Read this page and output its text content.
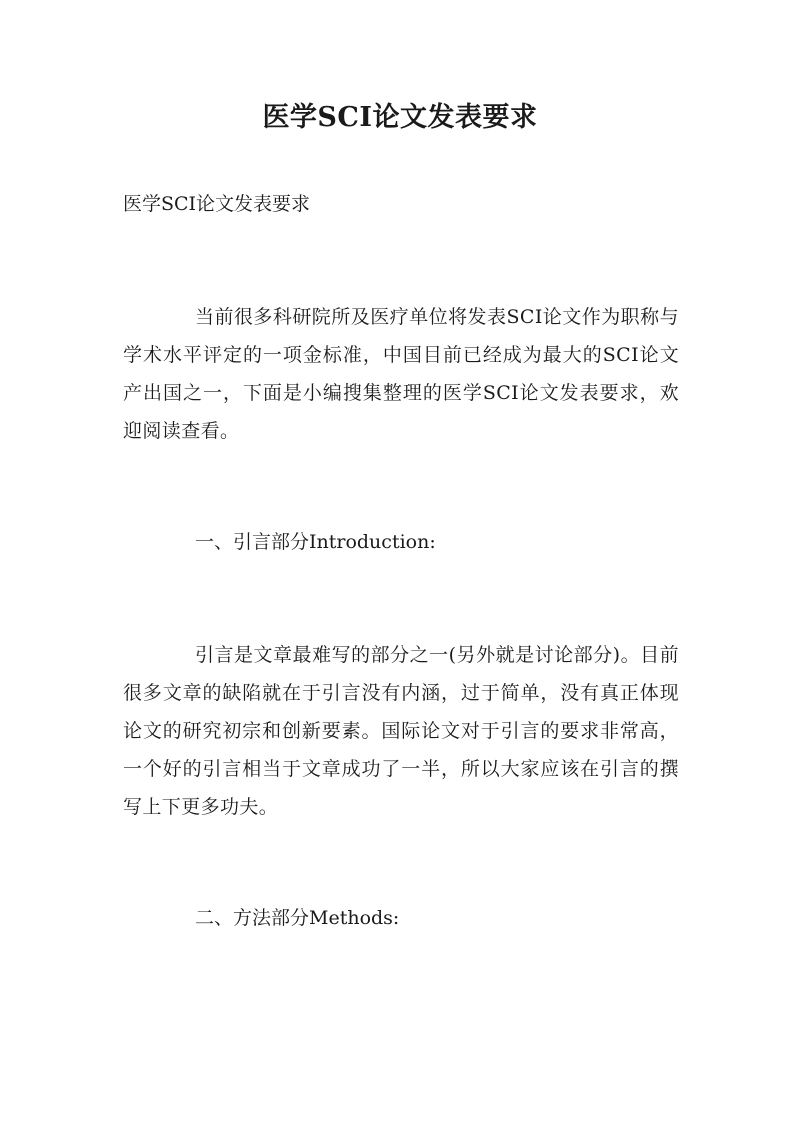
医学SCI论文发表要求

医学SCI论文发表要求

当前很多科研院所及医疗单位将发表SCI论文作为职称与学术水平评定的一项金标准，中国目前已经成为最大的SCI论文产出国之一，下面是小编搜集整理的医学SCI论文发表要求，欢迎阅读查看。

一、引言部分Introduction:

引言是文章最难写的部分之一(另外就是讨论部分)。目前很多文章的缺陷就在于引言没有内涵，过于简单，没有真正体现论文的研究初宗和创新要素。国际论文对于引言的要求非常高，一个好的引言相当于文章成功了一半，所以大家应该在引言的撰写上下更多功夫。

二、方法部分Methods:
